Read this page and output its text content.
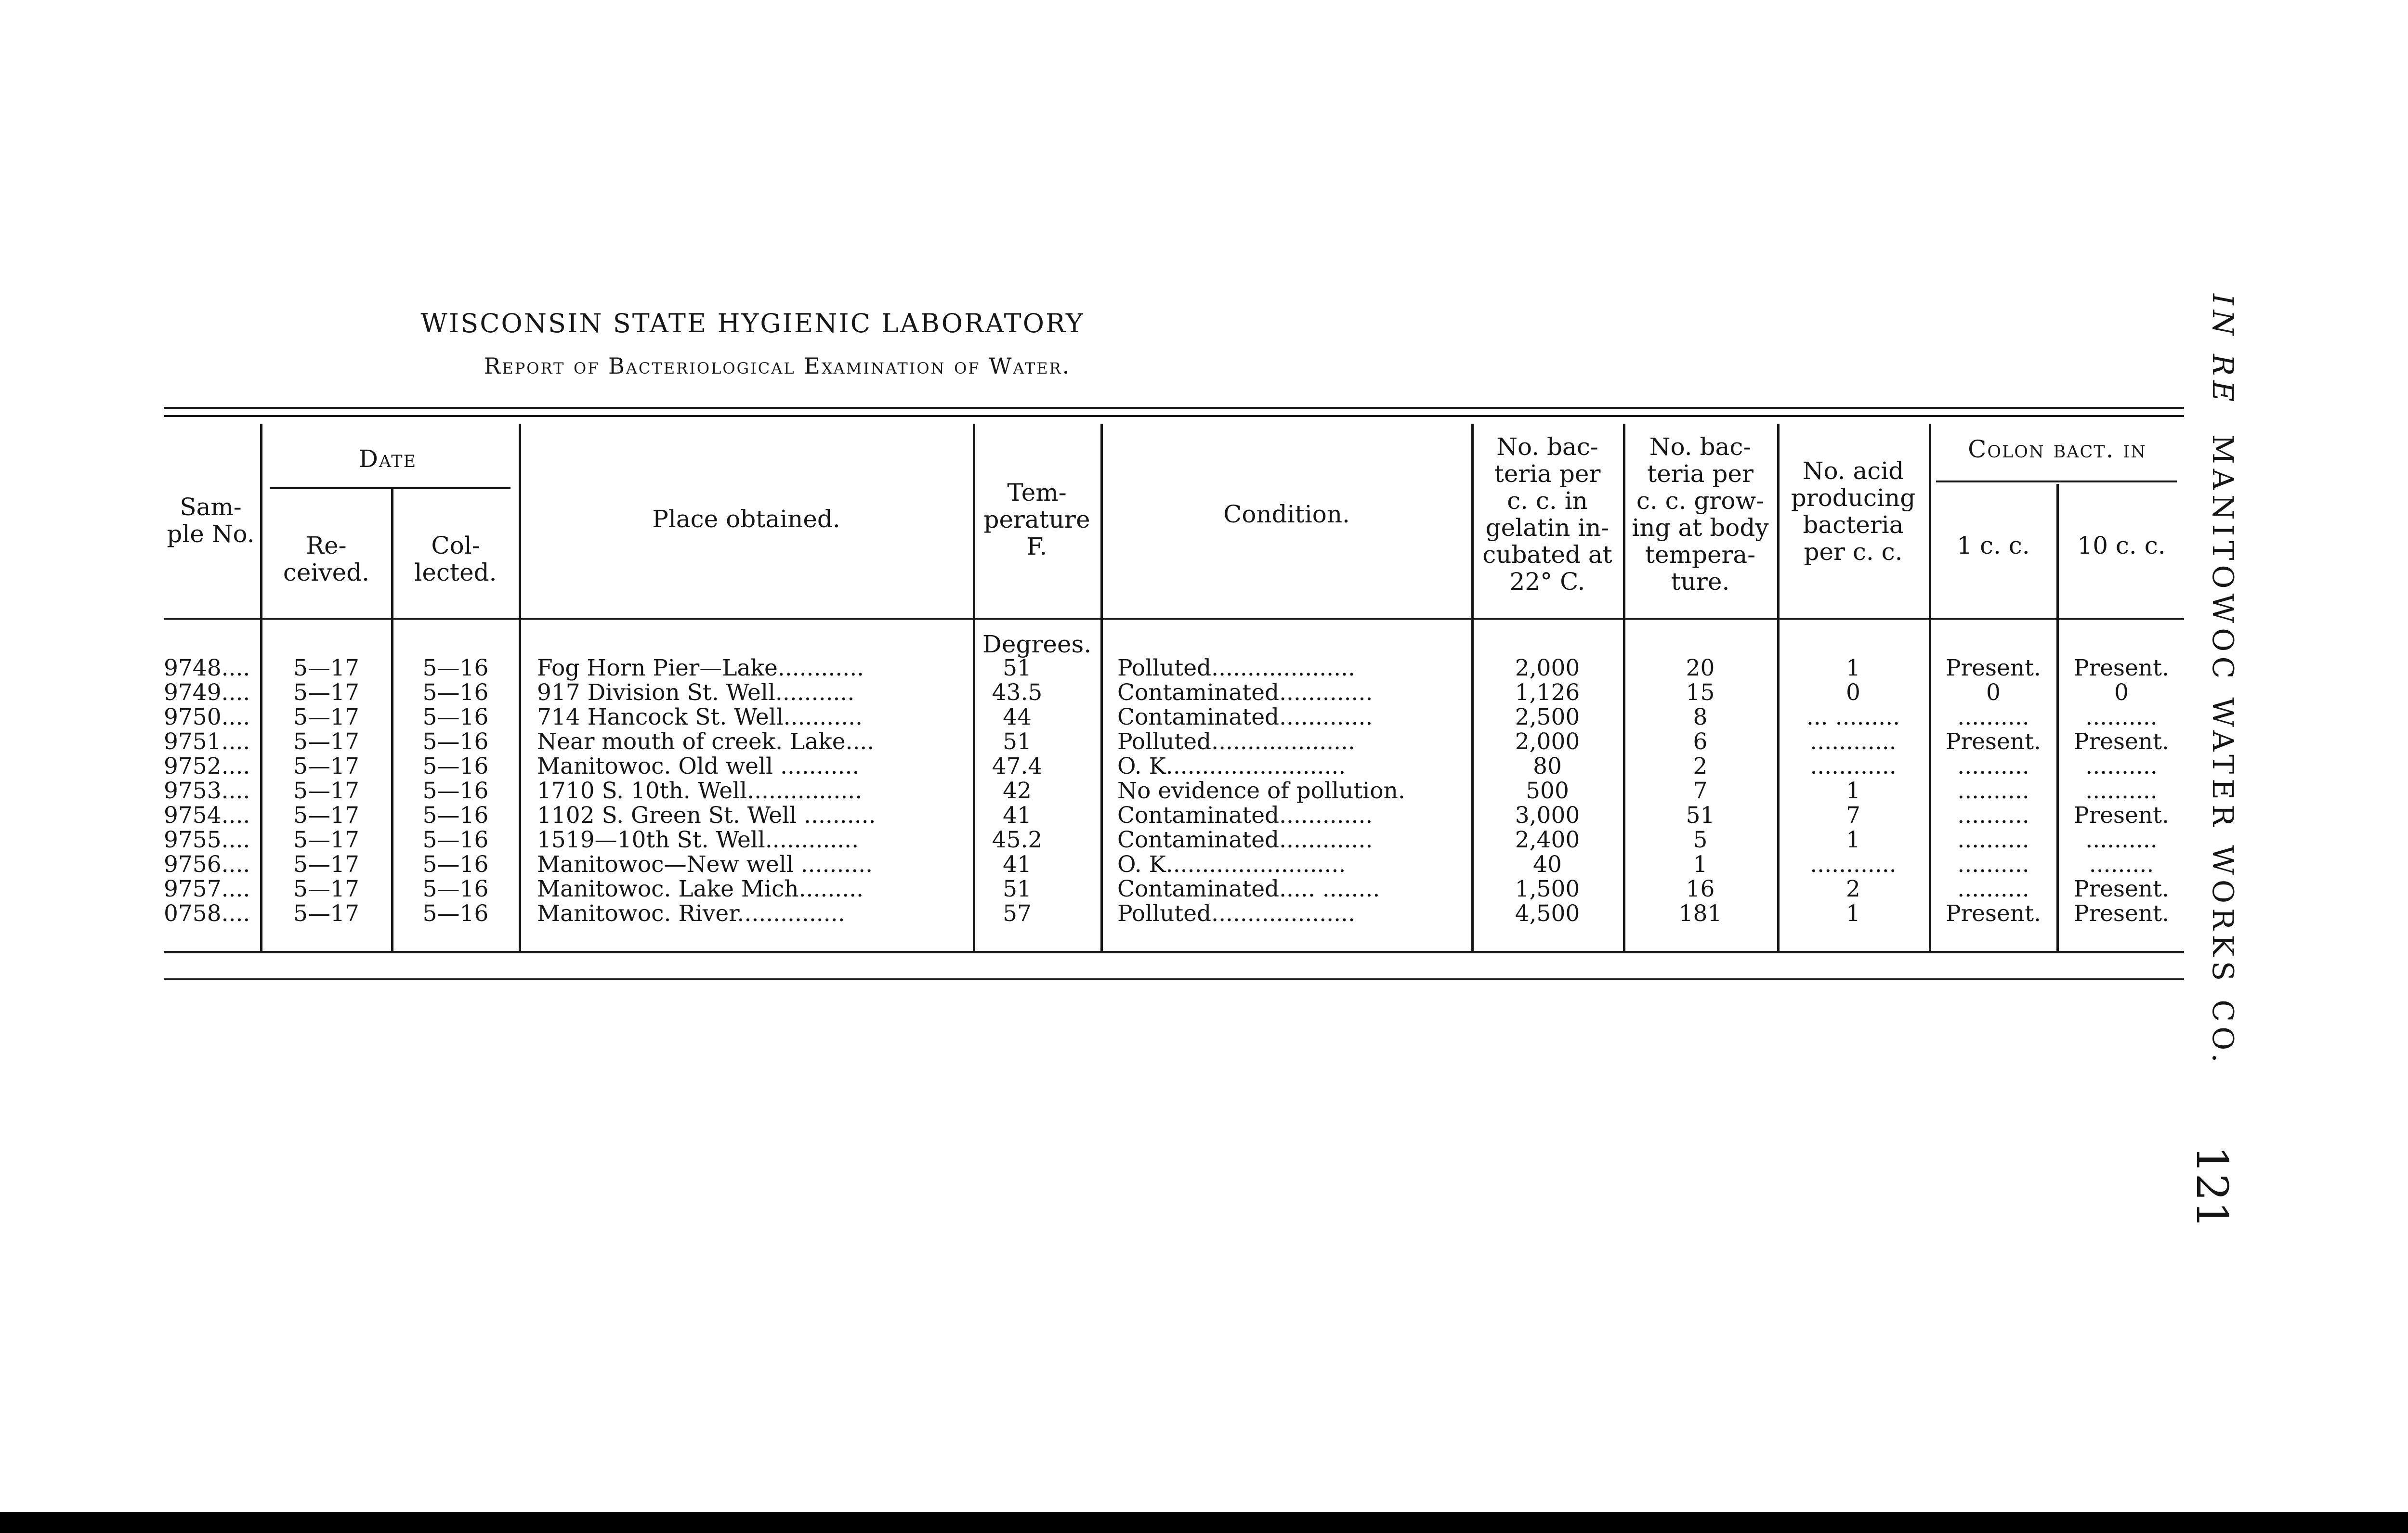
WISCONSIN STATE HYGIENIC LABORATORY
Report of Bacteriological Examination of Water.
Sam-
ple No.
Date
Re-
ceived.
Col-
lected.
Place obtained.
Tem-
perature
F.
Condition.
No. bac-
teria per
c. c. in
gelatin in-
cubated at
22° C.
No. bac-
teria per
c. c. grow-
ing at body
tempera-
ture.
No. acid
producing
bacteria
per c. c.
Colon bact. in
1 c. c.	10 c. c.
Degrees.
9748....	5—17	5—16	Fog Horn Pier—Lake............	51	Polluted....................	2,000	20	1	Present.	Present.
9749....	5—17	5—16	917 Division St. Well...........	43.5	Contaminated.............	1,126	15	0	0	0
9750....	5—17	5—16	714 Hancock St. Well...........	44	Contaminated.............	2,500	8	... .........	..........	..........
9751....	5—17	5—16	Near mouth of creek. Lake....	51	Polluted....................	2,000	6	............	Present.	Present.
9752....	5—17	5—16	Manitowoc. Old well ...........	47.4	O. K.........................	80	2	............	..........	..........
9753....	5—17	5—16	1710 S. 10th. Well................	42	No evidence of pollution.	500	7	1	..........	..........
9754....	5—17	5—16	1102 S. Green St. Well ..........	41	Contaminated.............	3,000	51	7	..........	Present.
9755....	5—17	5—16	1519—10th St. Well.............	45.2	Contaminated.............	2,400	5	1	..........	..........
9756....	5—17	5—16	Manitowoc—New well ..........	41	O. K.........................	40	1	............	..........	.........
9757....	5—17	5—16	Manitowoc. Lake Mich.........	51	Contaminated..... ........	1,500	16	2	..........	Present.
0758....	5—17	5—16	Manitowoc. River...............	57	Polluted....................	4,500	181	1	Present.	Present.
IN RE  MANITOWOC WATER WORKS CO.
121
